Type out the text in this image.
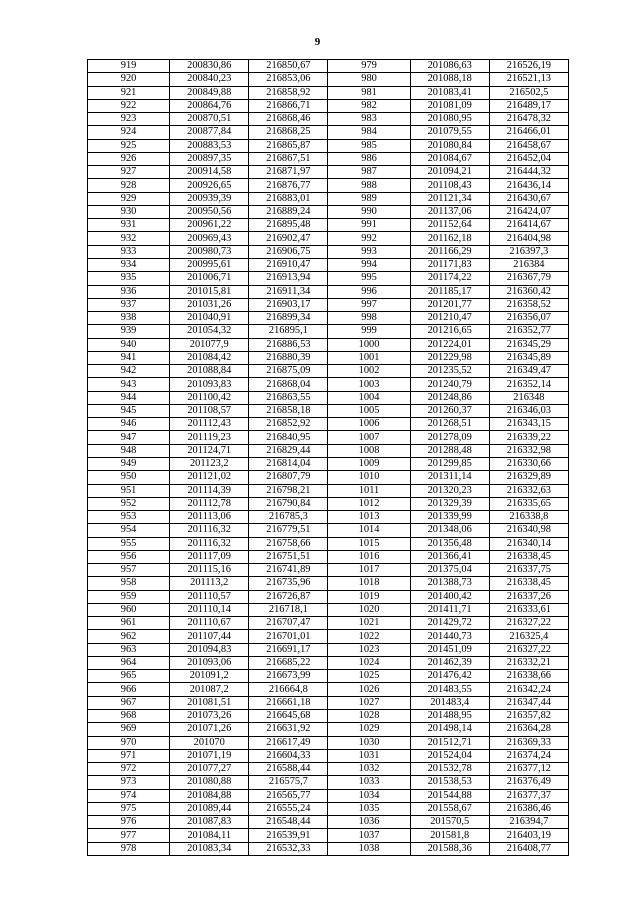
9
919	200830,86	216850,67	979	201086,63	216526,19
920	200840,23	216853,06	980	201088,18	216521,13
921	200849,88	216858,92	981	201083,41	216502,5
922	200864,76	216866,71	982	201081,09	216489,17
923	200870,51	216868,46	983	201080,95	216478,32
924	200877,84	216868,25	984	201079,55	216466,01
925	200883,53	216865,87	985	201080,84	216458,67
926	200897,35	216867,51	986	201084,67	216452,04
927	200914,58	216871,97	987	201094,21	216444,32
928	200926,65	216876,77	988	201108,43	216436,14
929	200939,39	216883,01	989	201121,34	216430,67
930	200950,56	216889,24	990	201137,06	216424,07
931	200961,22	216895,48	991	201152,64	216414,67
932	200969,43	216902,47	992	201162,18	216404,98
933	200980,73	216906,75	993	201166,29	216397,3
934	200995,61	216910,47	994	201171,83	216384
935	201006,71	216913,94	995	201174,22	216367,79
936	201015,81	216911,34	996	201185,17	216360,42
937	201031,26	216903,17	997	201201,77	216358,52
938	201040,91	216899,34	998	201210,47	216356,07
939	201054,32	216895,1	999	201216,65	216352,77
940	201077,9	216886,53	1000	201224,01	216345,29
941	201084,42	216880,39	1001	201229,98	216345,89
942	201088,84	216875,09	1002	201235,52	216349,47
943	201093,83	216868,04	1003	201240,79	216352,14
944	201100,42	216863,55	1004	201248,86	216348
945	201108,57	216858,18	1005	201260,37	216346,03
946	201112,43	216852,92	1006	201268,51	216343,15
947	201119,23	216840,95	1007	201278,09	216339,22
948	201124,71	216829,44	1008	201288,48	216332,98
949	201123,2	216814,04	1009	201299,85	216330,66
950	201121,02	216807,79	1010	201311,14	216329,89
951	201114,39	216798,21	1011	201320,23	216332,63
952	201112,78	216790,84	1012	201329,39	216335,65
953	201113,06	216785,3	1013	201339,99	216338,8
954	201116,32	216779,51	1014	201348,06	216340,98
955	201116,32	216758,66	1015	201356,48	216340,14
956	201117,09	216751,51	1016	201366,41	216338,45
957	201115,16	216741,89	1017	201375,04	216337,75
958	201113,2	216735,96	1018	201388,73	216338,45
959	201110,57	216726,87	1019	201400,42	216337,26
960	201110,14	216718,1	1020	201411,71	216333,61
961	201110,67	216707,47	1021	201429,72	216327,22
962	201107,44	216701,01	1022	201440,73	216325,4
963	201094,83	216691,17	1023	201451,09	216327,22
964	201093,06	216685,22	1024	201462,39	216332,21
965	201091,2	216673,99	1025	201476,42	216338,66
966	201087,2	216664,8	1026	201483,55	216342,24
967	201081,51	216661,18	1027	201483,4	216347,44
968	201073,26	216645,68	1028	201488,95	216357,82
969	201071,26	216631,92	1029	201498,14	216364,28
970	201070	216617,49	1030	201512,71	216369,33
971	201071,19	216604,33	1031	201524,04	216374,24
972	201077,27	216588,44	1032	201532,78	216377,12
973	201080,88	216575,7	1033	201538,53	216376,49
974	201084,88	216565,77	1034	201544,88	216377,37
975	201089,44	216555,24	1035	201558,67	216386,46
976	201087,83	216548,44	1036	201570,5	216394,7
977	201084,11	216539,91	1037	201581,8	216403,19
978	201083,34	216532,33	1038	201588,36	216408,77
